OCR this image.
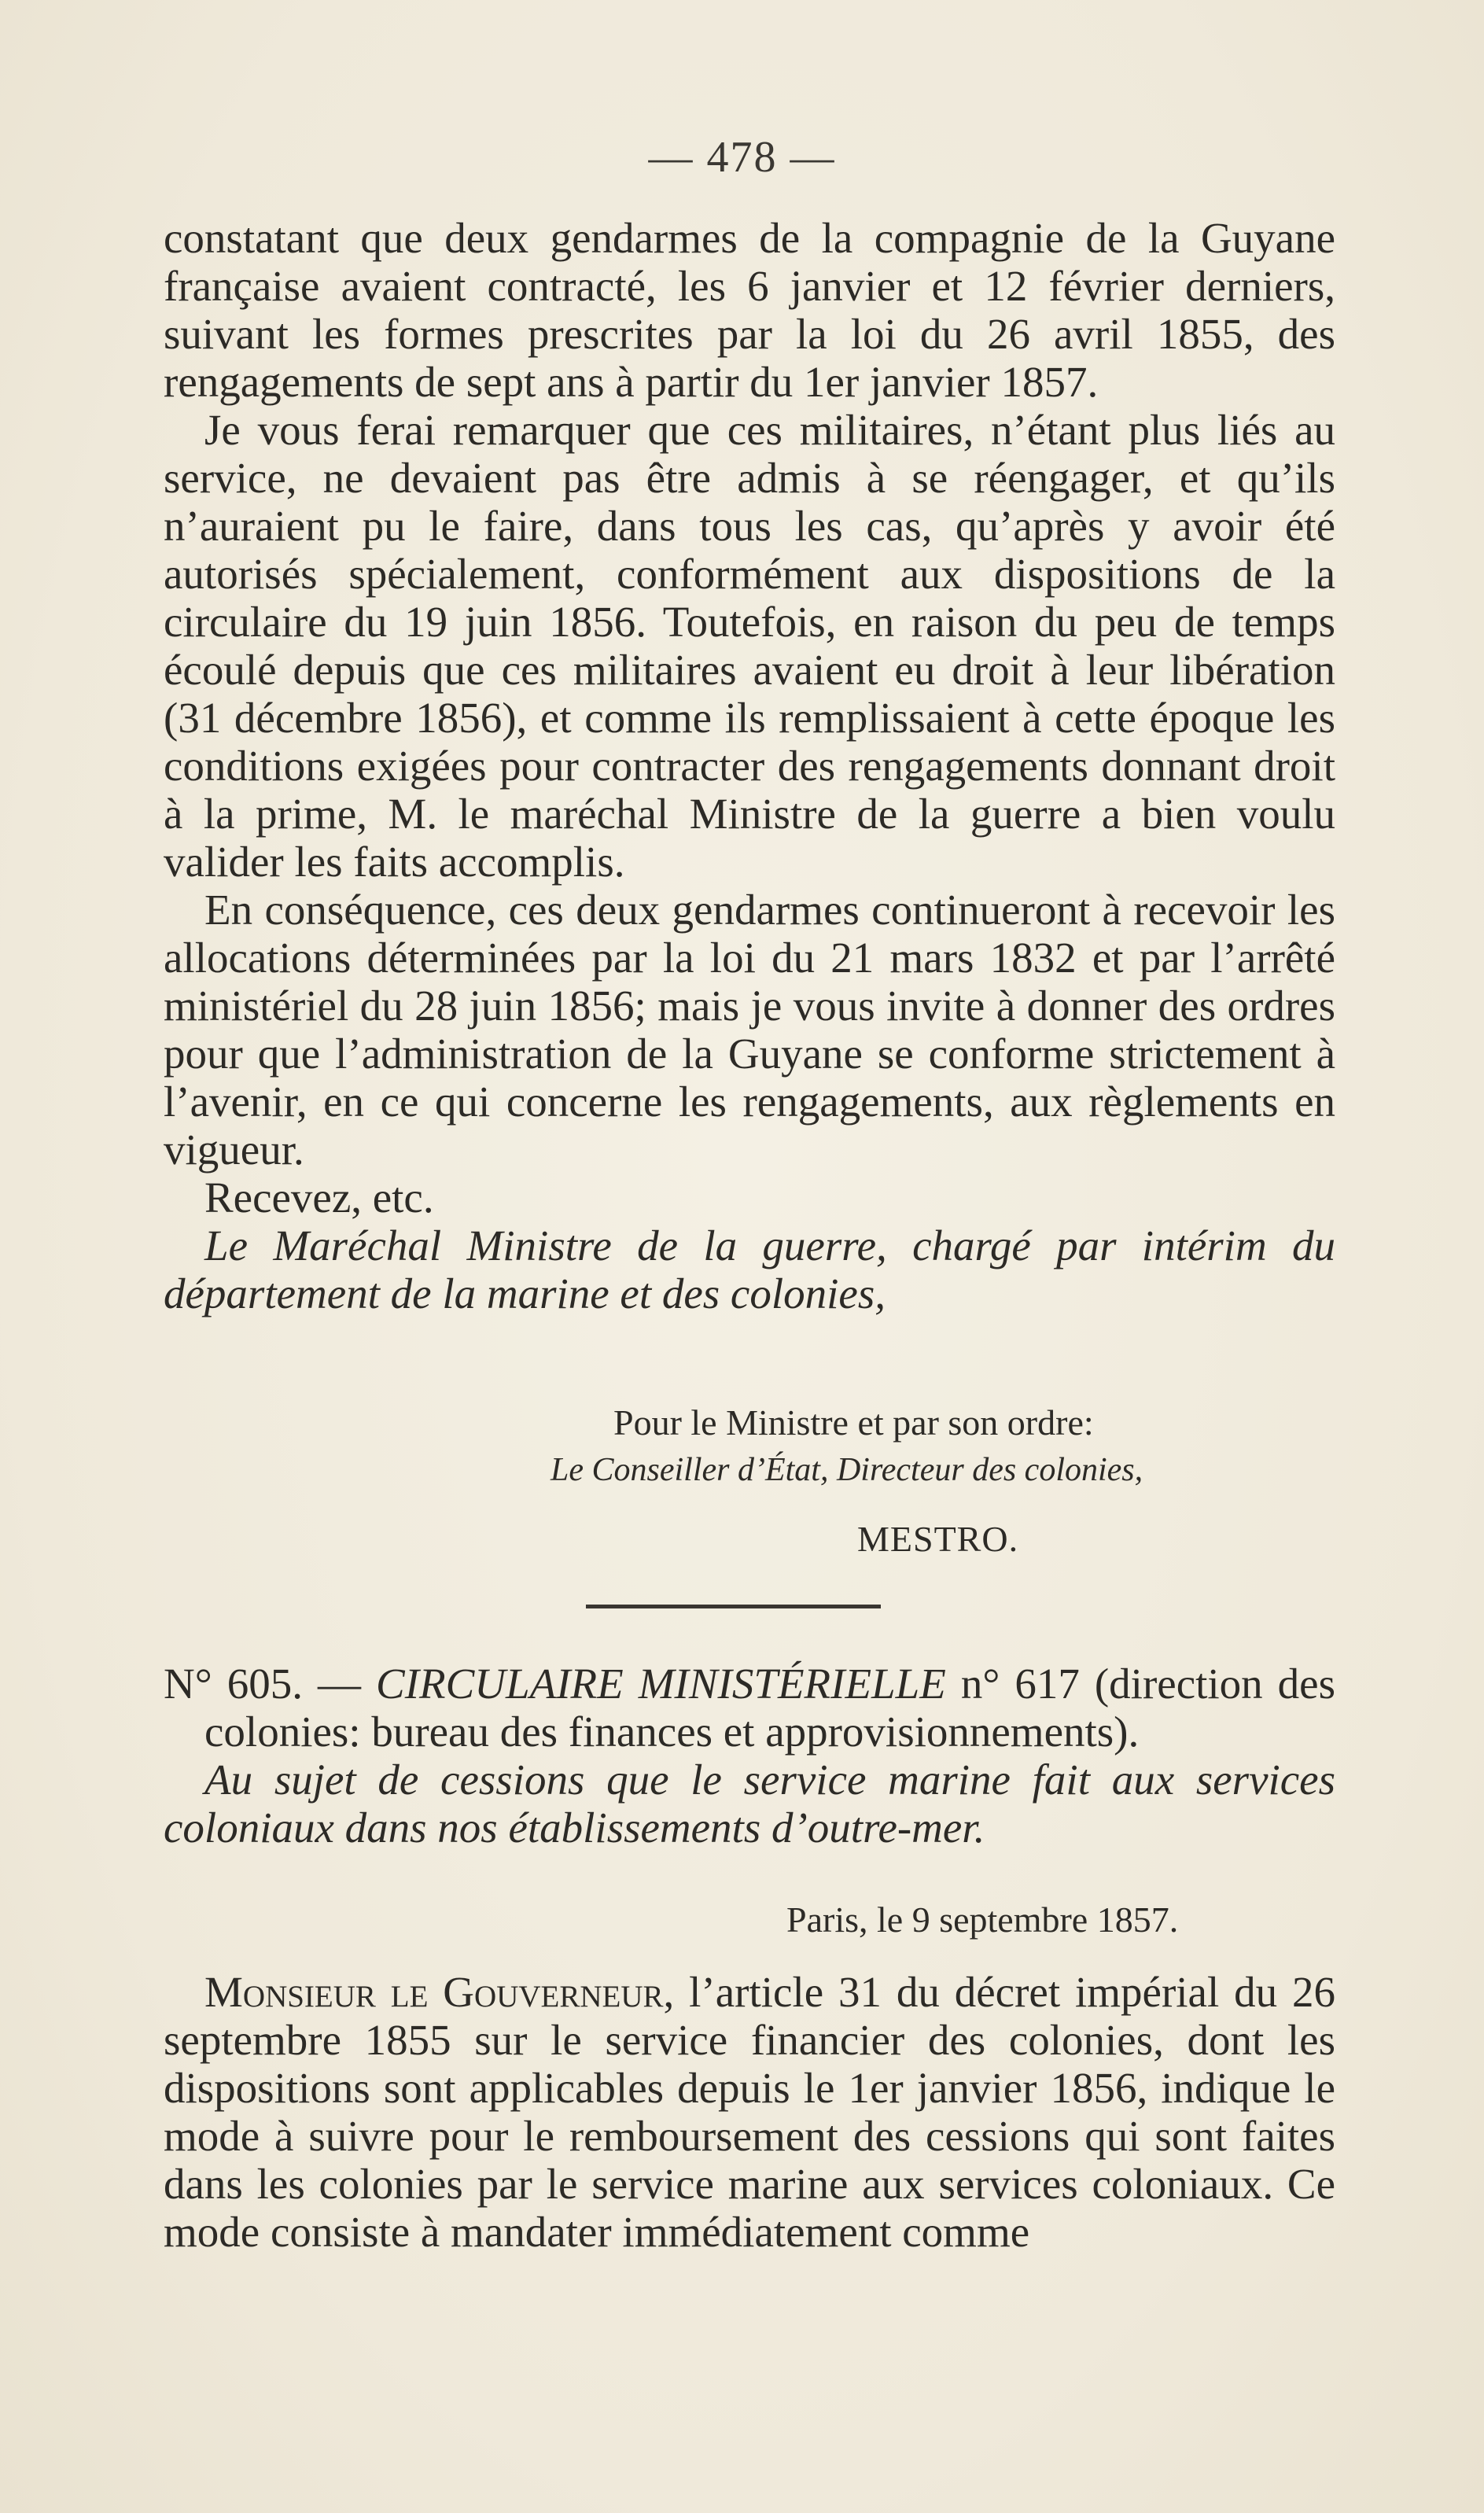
— 478 —

constatant que deux gendarmes de la compagnie de la Guyane française avaient contracté, les 6 janvier et 12 février derniers, suivant les formes prescrites par la loi du 26 avril 1855, des rengagements de sept ans à partir du 1er janvier 1857.

Je vous ferai remarquer que ces militaires, n’étant plus liés au service, ne devaient pas être admis à se réengager, et qu’ils n’auraient pu le faire, dans tous les cas, qu’après y avoir été autorisés spécialement, conformément aux dispositions de la circulaire du 19 juin 1856. Toutefois, en raison du peu de temps écoulé depuis que ces militaires avaient eu droit à leur libération (31 décembre 1856), et comme ils remplissaient à cette époque les conditions exigées pour contracter des rengagements donnant droit à la prime, M. le maréchal Ministre de la guerre a bien voulu valider les faits accomplis.

En conséquence, ces deux gendarmes continueront à recevoir les allocations déterminées par la loi du 21 mars 1832 et par l’arrêté ministériel du 28 juin 1856; mais je vous invite à donner des ordres pour que l’administration de la Guyane se conforme strictement à l’avenir, en ce qui concerne les rengagements, aux règlements en vigueur.

Recevez, etc.

Le Maréchal Ministre de la guerre, chargé par intérim du département de la marine et des colonies,

Pour le Ministre et par son ordre:
Le Conseiller d’État, Directeur des colonies,
MESTRO.

N° 605. — CIRCULAIRE MINISTÉRIELLE n° 617 (direction des colonies: bureau des finances et approvisionnements).

Au sujet de cessions que le service marine fait aux services coloniaux dans nos établissements d’outre-mer.

Paris, le 9 septembre 1857.

Monsieur le Gouverneur, l’article 31 du décret impérial du 26 septembre 1855 sur le service financier des colonies, dont les dispositions sont applicables depuis le 1er janvier 1856, indique le mode à suivre pour le remboursement des cessions qui sont faites dans les colonies par le service marine aux services coloniaux. Ce mode consiste à mandater immédiatement comme
